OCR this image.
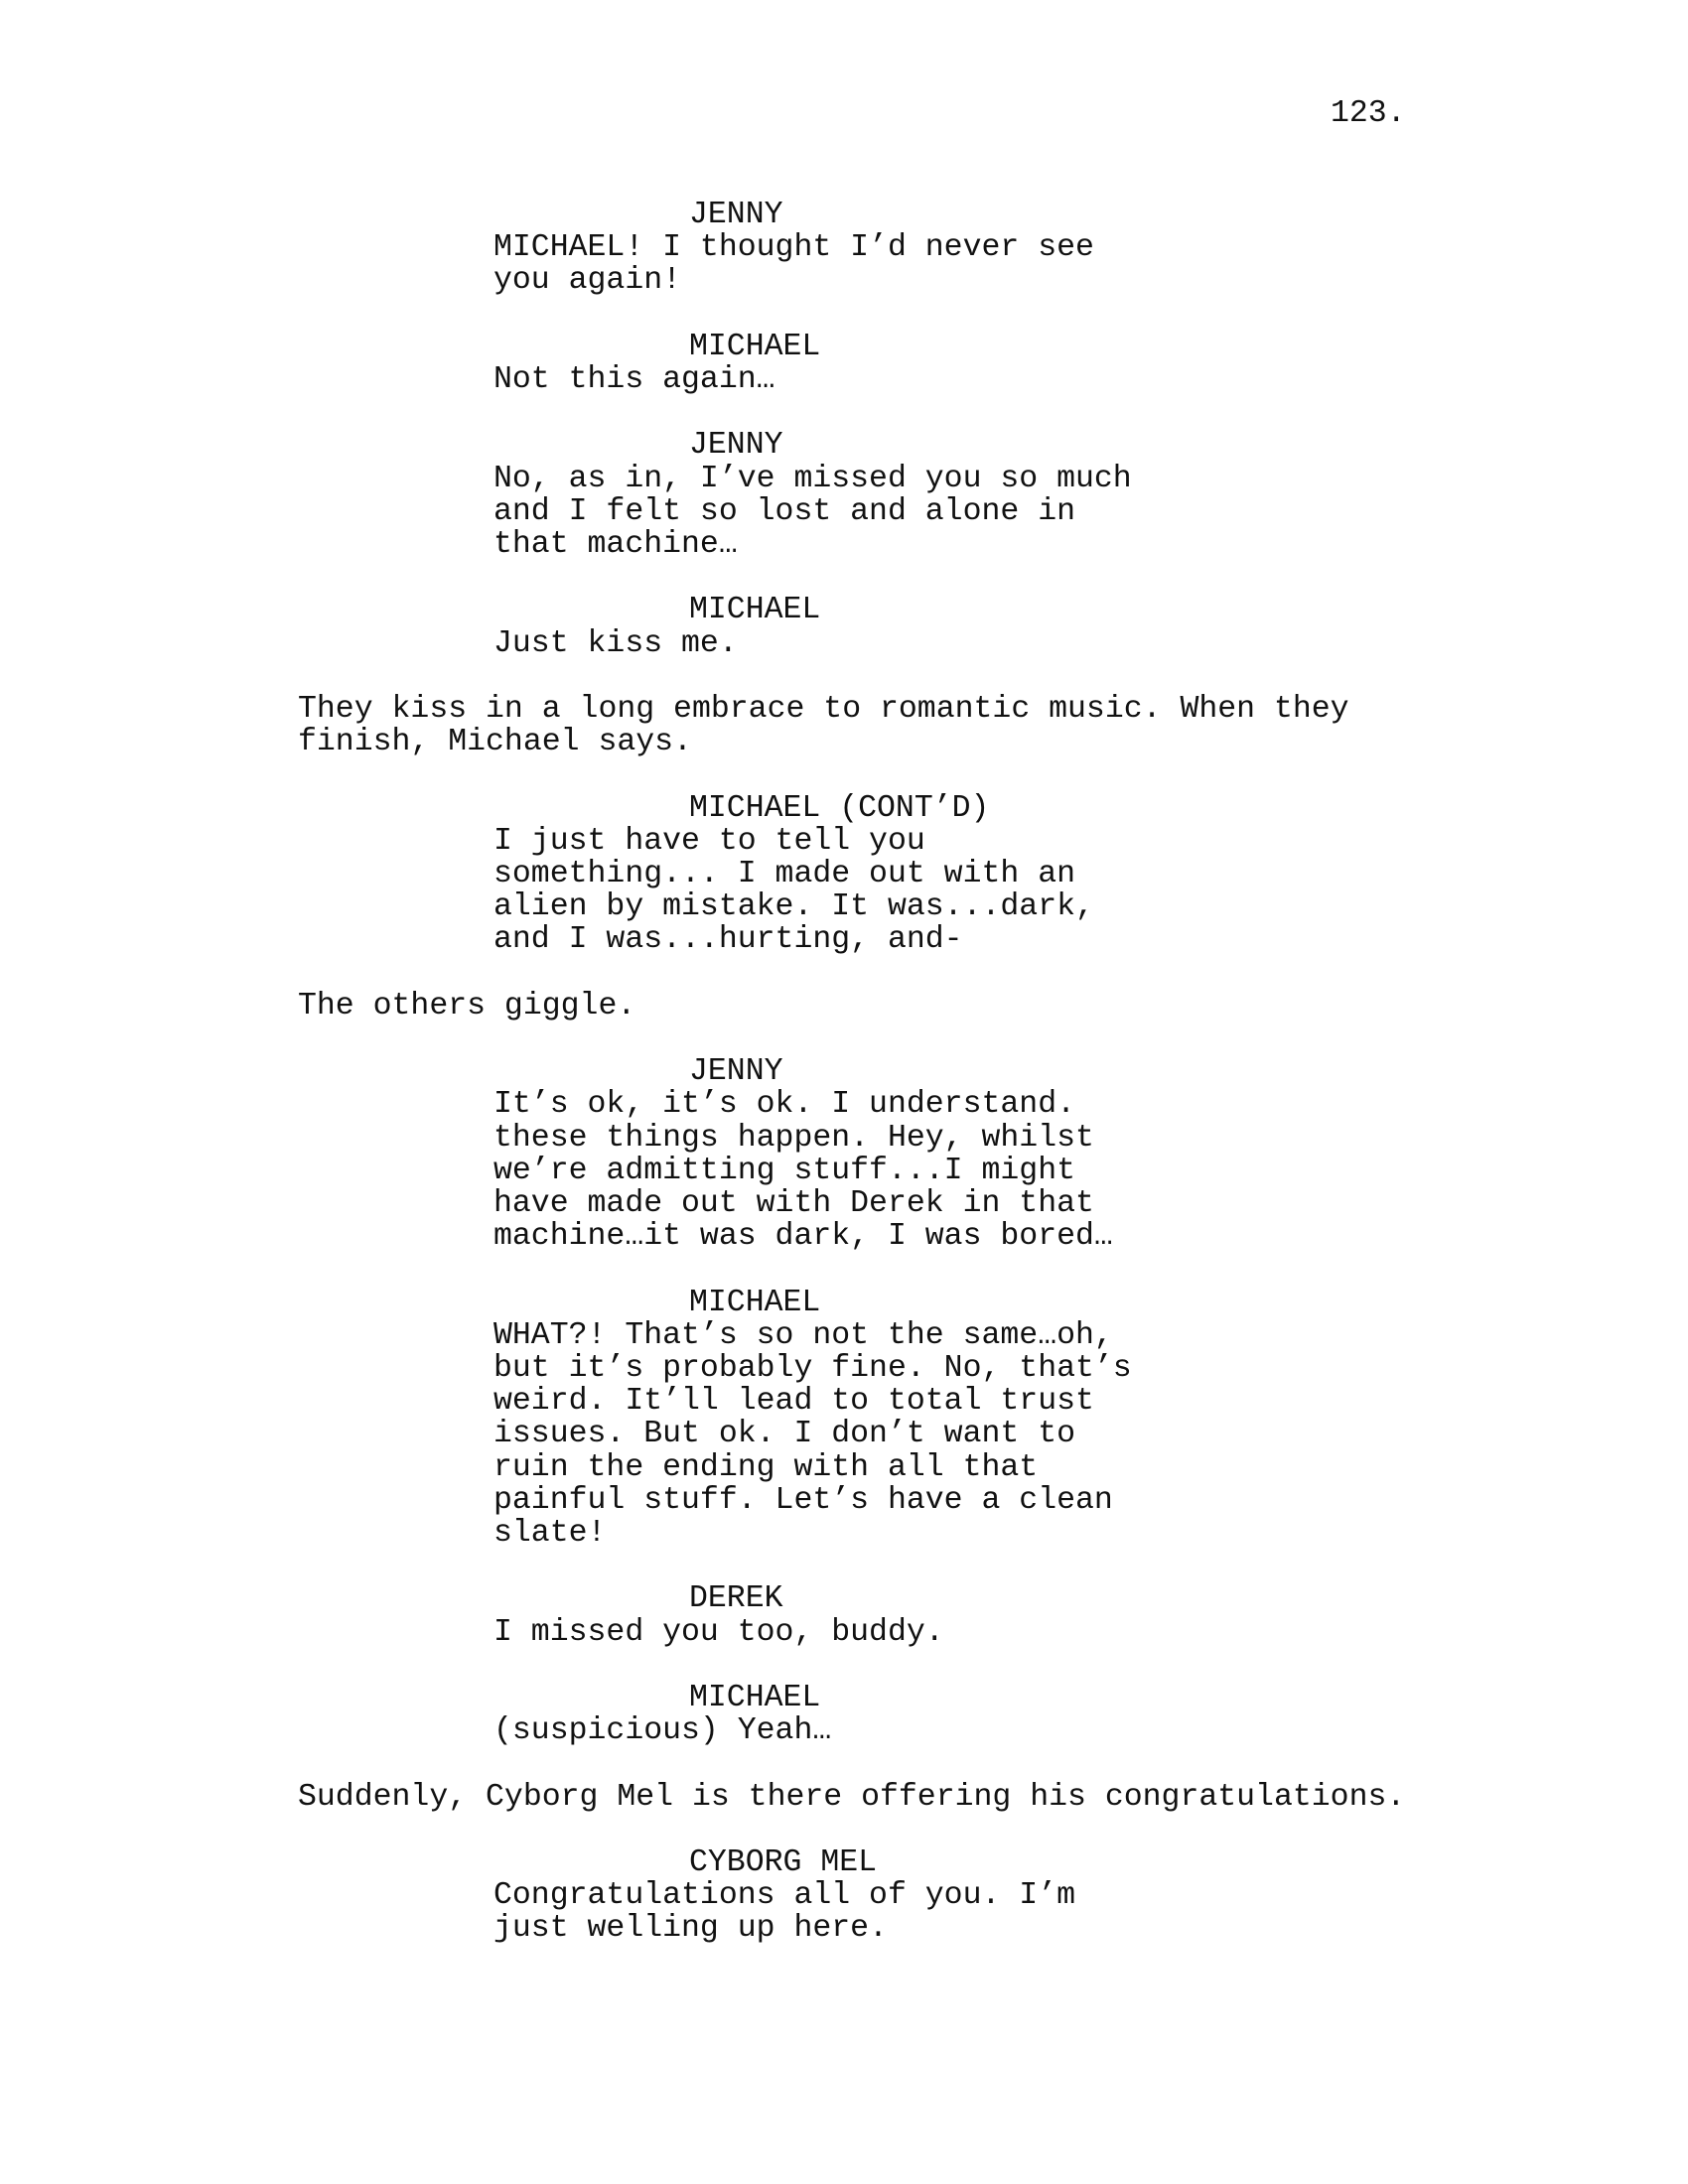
123.
JENNY
MICHAEL! I thought I’d never see
you again!
MICHAEL
Not this again…
JENNY
No, as in, I’ve missed you so much
and I felt so lost and alone in
that machine…
MICHAEL
Just kiss me.
They kiss in a long embrace to romantic music. When they
finish, Michael says.
MICHAEL (CONT’D)
I just have to tell you
something... I made out with an
alien by mistake. It was...dark,
and I was...hurting, and-
The others giggle.
JENNY
It’s ok, it’s ok. I understand.
these things happen. Hey, whilst
we’re admitting stuff...I might
have made out with Derek in that
machine…it was dark, I was bored…
MICHAEL
WHAT?! That’s so not the same…oh,
but it’s probably fine. No, that’s
weird. It’ll lead to total trust
issues. But ok. I don’t want to
ruin the ending with all that
painful stuff. Let’s have a clean
slate!
DEREK
I missed you too, buddy.
MICHAEL
(suspicious) Yeah…
Suddenly, Cyborg Mel is there offering his congratulations.
CYBORG MEL
Congratulations all of you. I’m
just welling up here.
